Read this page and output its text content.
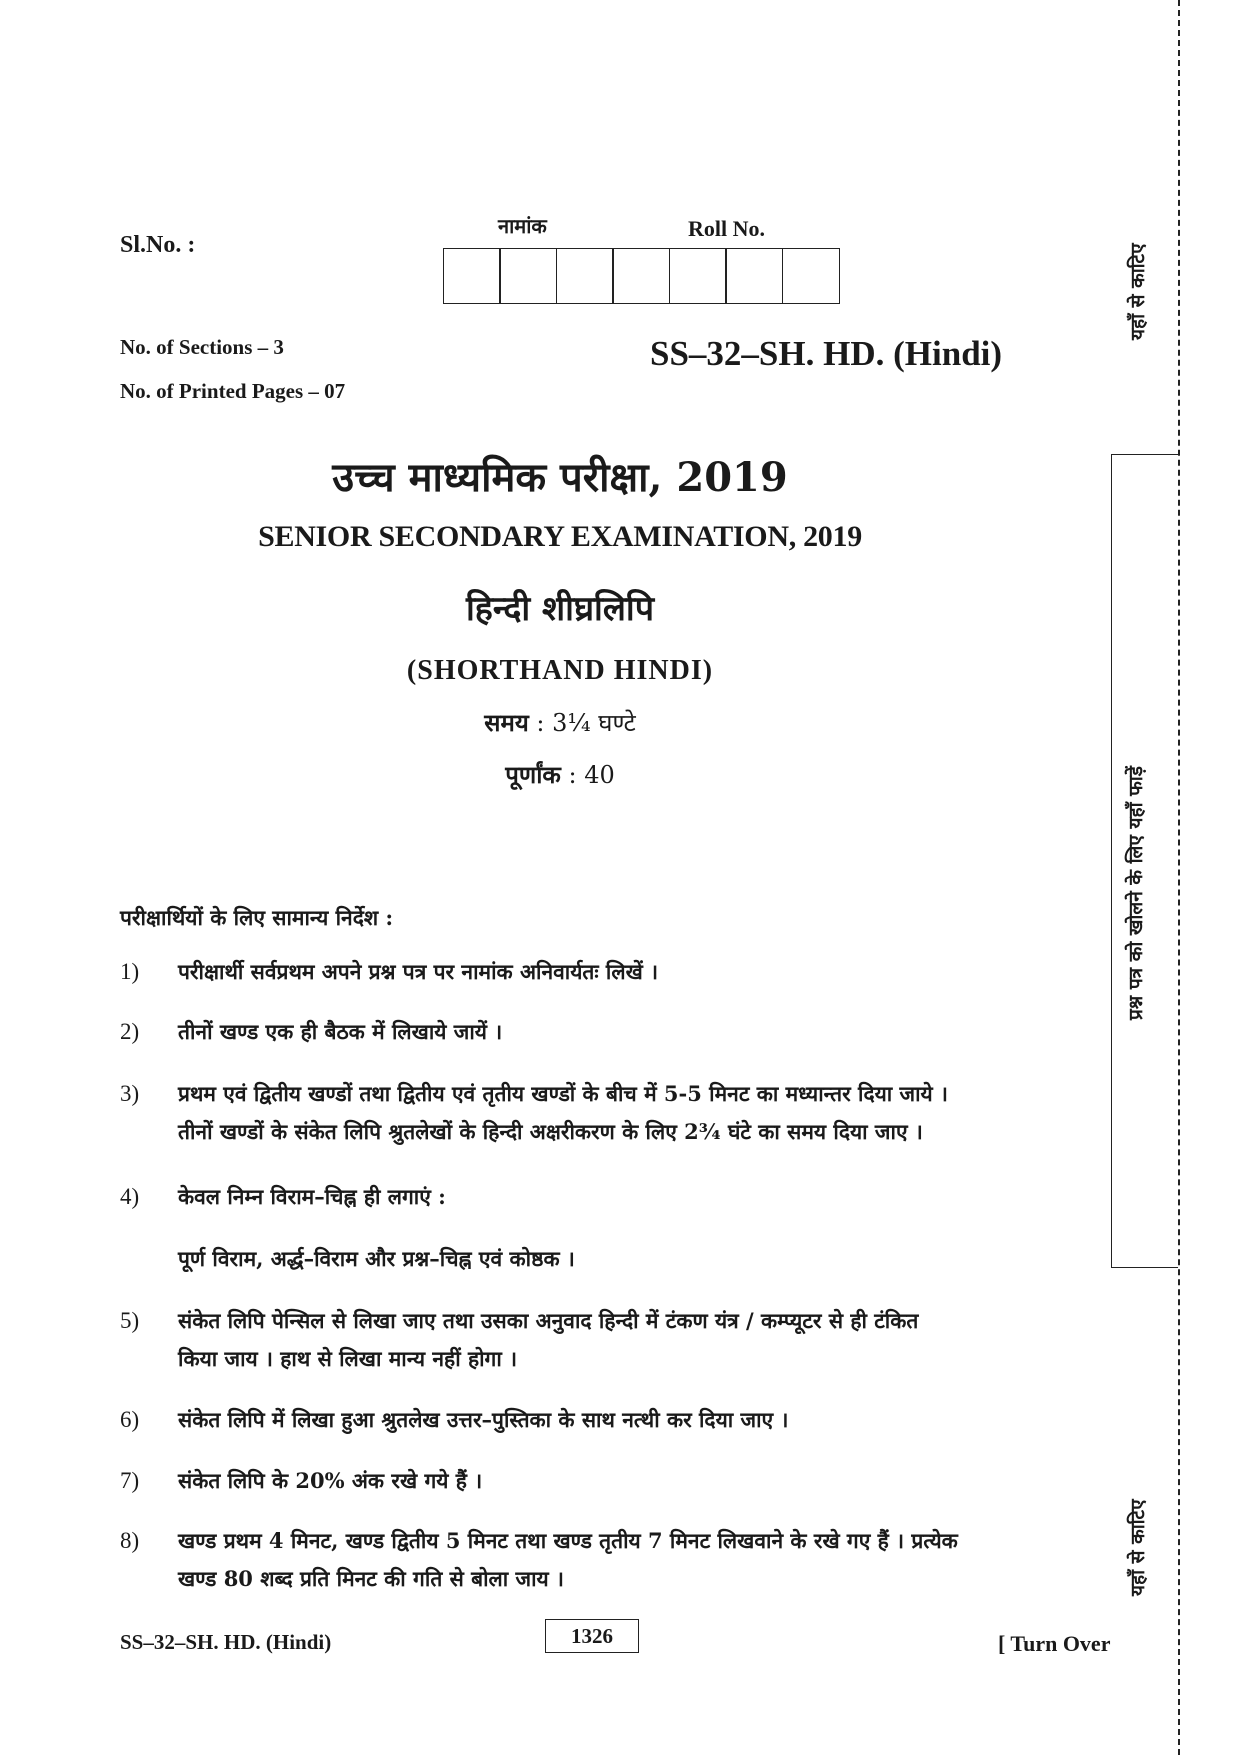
Sl.No. :
नामांक	Roll No.
No. of Sections – 3
No. of Printed Pages – 07
SS–32–SH. HD. (Hindi)
उच्च माध्यमिक परीक्षा, 2019
SENIOR SECONDARY EXAMINATION, 2019
हिन्दी शीघ्रलिपि
(SHORTHAND HINDI)
समय : 3¼ घण्टे
पूर्णांक : 40
परीक्षार्थियों के लिए सामान्य निर्देश :
1)	परीक्षार्थी सर्वप्रथम अपने प्रश्न पत्र पर नामांक अनिवार्यतः लिखें ।
2)	तीनों खण्ड एक ही बैठक में लिखाये जायें ।
3)	प्रथम एवं द्वितीय खण्डों तथा द्वितीय एवं तृतीय खण्डों के बीच में 5-5 मिनट का मध्यान्तर दिया जाये ।
तीनों खण्डों के संकेत लिपि श्रुतलेखों के हिन्दी अक्षरीकरण के लिए 2¾ घंटे का समय दिया जाए ।
4)	केवल निम्न विराम–चिह्न ही लगाएं :
पूर्ण विराम, अर्द्ध–विराम और प्रश्न–चिह्न एवं कोष्ठक ।
5)	संकेत लिपि पेन्सिल से लिखा जाए तथा उसका अनुवाद हिन्दी में टंकण यंत्र / कम्प्यूटर से ही टंकित
किया जाय । हाथ से लिखा मान्य नहीं होगा ।
6)	संकेत लिपि में लिखा हुआ श्रुतलेख उत्तर–पुस्तिका के साथ नत्थी कर दिया जाए ।
7)	संकेत लिपि के 20% अंक रखे गये हैं ।
8)	खण्ड प्रथम 4 मिनट, खण्ड द्वितीय 5 मिनट तथा खण्ड तृतीय 7 मिनट लिखवाने के रखे गए हैं । प्रत्येक
खण्ड 80 शब्द प्रति मिनट की गति से बोला जाय ।
SS–32–SH. HD. (Hindi)	1326	[ Turn Over
यहाँ से काटिए
प्रश्न पत्र को खोलने के लिए यहाँ फाड़ें
यहाँ से काटिए
